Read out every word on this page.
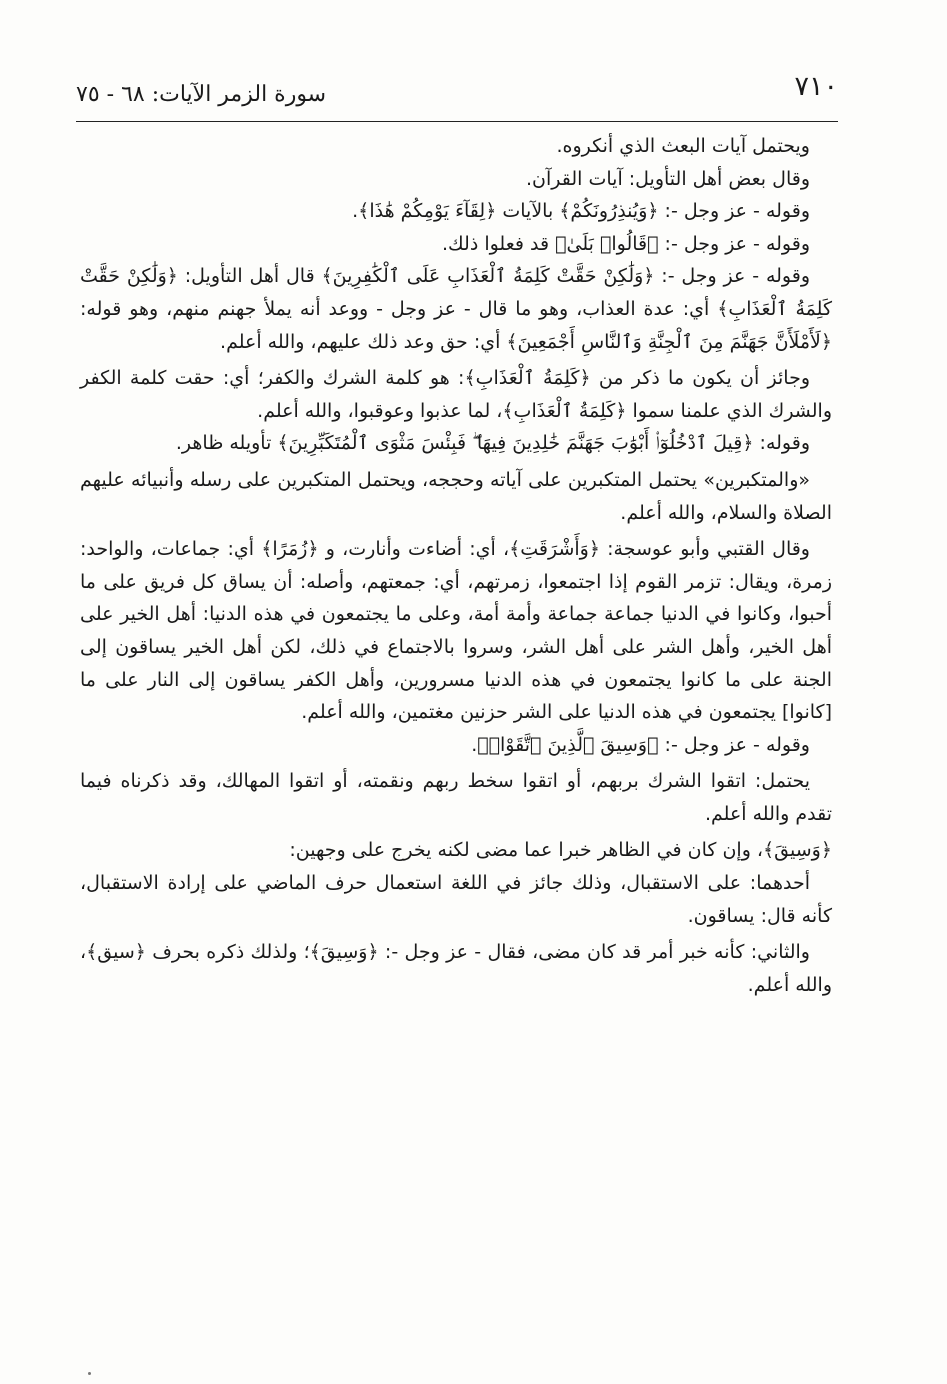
٧١٠
سورة الزمر الآيات: ٦٨ - ٧٥

ويحتمل آيات البعث الذي أنكروه.

وقال بعض أهل التأويل: آيات القرآن.

وقوله - عز وجل -: ﴿وَيُنذِرُونَكُمْ﴾ بالآيات ﴿لِقَآءَ يَوْمِكُمْ هَٰذَا﴾.

وقوله - عز وجل -: ﴿قَالُوا۟ بَلَىٰ﴾ قد فعلوا ذلك.

وقوله - عز وجل -: ﴿وَلَٰكِنْ حَقَّتْ كَلِمَةُ ٱلْعَذَابِ عَلَى ٱلْكَٰفِرِينَ﴾ قال أهل التأويل: ﴿وَلَٰكِنْ حَقَّتْ كَلِمَةُ ٱلْعَذَابِ﴾ أي: عدة العذاب، وهو ما قال - عز وجل - ووعد أنه يملأ جهنم منهم، وهو قوله: ﴿لَأَمْلَأَنَّ جَهَنَّمَ مِنَ ٱلْجِنَّةِ وَٱلنَّاسِ أَجْمَعِينَ﴾ أي: حق وعد ذلك عليهم، والله أعلم.

وجائز أن يكون ما ذكر من ﴿كَلِمَةُ ٱلْعَذَابِ﴾: هو كلمة الشرك والكفر؛ أي: حقت كلمة الكفر والشرك الذي علمنا سموا ﴿كَلِمَةُ ٱلْعَذَابِ﴾، لما عذبوا وعوقبوا، والله أعلم.

وقوله: ﴿قِيلَ ٱدْخُلُوٓا۟ أَبْوَٰبَ جَهَنَّمَ خَٰلِدِينَ فِيهَا ۖ فَبِئْسَ مَثْوَى ٱلْمُتَكَبِّرِينَ﴾ تأويله ظاهر.

«والمتكبرين» يحتمل المتكبرين على آياته وحججه، ويحتمل المتكبرين على رسله وأنبيائه عليهم الصلاة والسلام، والله أعلم.

وقال القتبي وأبو عوسجة: ﴿وَأَشْرَقَتِ﴾، أي: أضاءت وأنارت، و ﴿زُمَرًا﴾ أي: جماعات، والواحد: زمرة، ويقال: تزمر القوم إذا اجتمعوا، زمرتهم، أي: جمعتهم، وأصله: أن يساق كل فريق على ما أحبوا، وكانوا في الدنيا جماعة جماعة وأمة أمة، وعلى ما يجتمعون في هذه الدنيا: أهل الخير على أهل الخير، وأهل الشر على أهل الشر، وسروا بالاجتماع في ذلك، لكن أهل الخير يساقون إلى الجنة على ما كانوا يجتمعون في هذه الدنيا مسرورين، وأهل الكفر يساقون إلى النار على ما [كانوا] يجتمعون في هذه الدنيا على الشر حزنين مغتمين، والله أعلم.

وقوله - عز وجل -: ﴿وَسِيقَ ٱلَّذِينَ ٱتَّقَوْا۟﴾.

يحتمل: اتقوا الشرك بربهم، أو اتقوا سخط ربهم ونقمته، أو اتقوا المهالك، وقد ذكرناه فيما تقدم والله أعلم.

﴿وَسِيقَ﴾، وإن كان في الظاهر خبرا عما مضى لكنه يخرج على وجهين:

أحدهما: على الاستقبال، وذلك جائز في اللغة استعمال حرف الماضي على إرادة الاستقبال، كأنه قال: يساقون.

والثاني: كأنه خبر أمر قد كان مضى، فقال - عز وجل -: ﴿وَسِيقَ﴾؛ ولذلك ذكره بحرف ﴿سيق﴾، والله أعلم.
